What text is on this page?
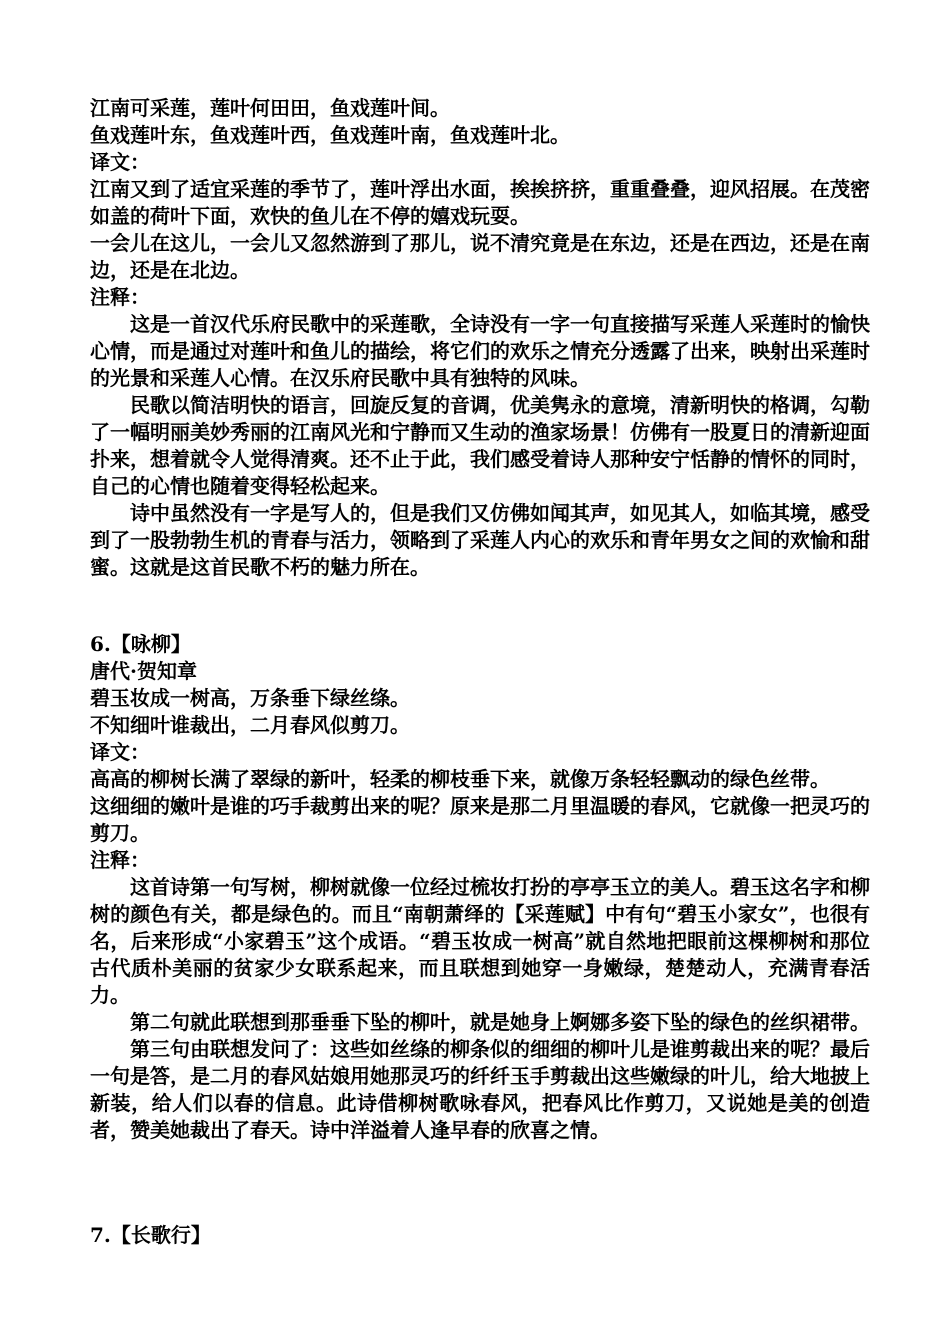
江南可采莲，莲叶何田田，鱼戏莲叶间。
鱼戏莲叶东，鱼戏莲叶西，鱼戏莲叶南，鱼戏莲叶北。
译文：

江南又到了适宜采莲的季节了，莲叶浮出水面，挨挨挤挤，重重叠叠，迎风招展。在茂密如盖的荷叶下面，欢快的鱼儿在不停的嬉戏玩耍。

一会儿在这儿，一会儿又忽然游到了那儿，说不清究竟是在东边，还是在西边，还是在南边，还是在北边。

注释：

这是一首汉代乐府民歌中的采莲歌，全诗没有一字一句直接描写采莲人采莲时的愉快心情，而是通过对莲叶和鱼儿的描绘，将它们的欢乐之情充分透露了出来，映射出采莲时的光景和采莲人心情。在汉乐府民歌中具有独特的风味。

民歌以简洁明快的语言，回旋反复的音调，优美隽永的意境，清新明快的格调，勾勒了一幅明丽美妙秀丽的江南风光和宁静而又生动的渔家场景！仿佛有一股夏日的清新迎面扑来，想着就令人觉得清爽。还不止于此，我们感受着诗人那种安宁恬静的情怀的同时，自己的心情也随着变得轻松起来。

诗中虽然没有一字是写人的，但是我们又仿佛如闻其声，如见其人，如临其境，感受到了一股勃勃生机的青春与活力，领略到了采莲人内心的欢乐和青年男女之间的欢愉和甜蜜。这就是这首民歌不朽的魅力所在。

6.【咏柳】
唐代·贺知章
碧玉妆成一树高，万条垂下绿丝绦。
不知细叶谁裁出，二月春风似剪刀。
译文：

高高的柳树长满了翠绿的新叶，轻柔的柳枝垂下来，就像万条轻轻飘动的绿色丝带。

这细细的嫩叶是谁的巧手裁剪出来的呢？原来是那二月里温暖的春风，它就像一把灵巧的剪刀。

注释：

这首诗第一句写树，柳树就像一位经过梳妆打扮的亭亭玉立的美人。碧玉这名字和柳树的颜色有关，都是绿色的。而且“南朝萧绎的【采莲赋】中有句“碧玉小家女”，也很有名，后来形成“小家碧玉”这个成语。“碧玉妆成一树高”就自然地把眼前这棵柳树和那位古代质朴美丽的贫家少女联系起来，而且联想到她穿一身嫩绿，楚楚动人，充满青春活力。

第二句就此联想到那垂垂下坠的柳叶，就是她身上婀娜多姿下坠的绿色的丝织裙带。

第三句由联想发问了：这些如丝绦的柳条似的细细的柳叶儿是谁剪裁出来的呢？最后一句是答，是二月的春风姑娘用她那灵巧的纤纤玉手剪裁出这些嫩绿的叶儿，给大地披上新装，给人们以春的信息。此诗借柳树歌咏春风，把春风比作剪刀，又说她是美的创造者，赞美她裁出了春天。诗中洋溢着人逢早春的欣喜之情。

7.【长歌行】
